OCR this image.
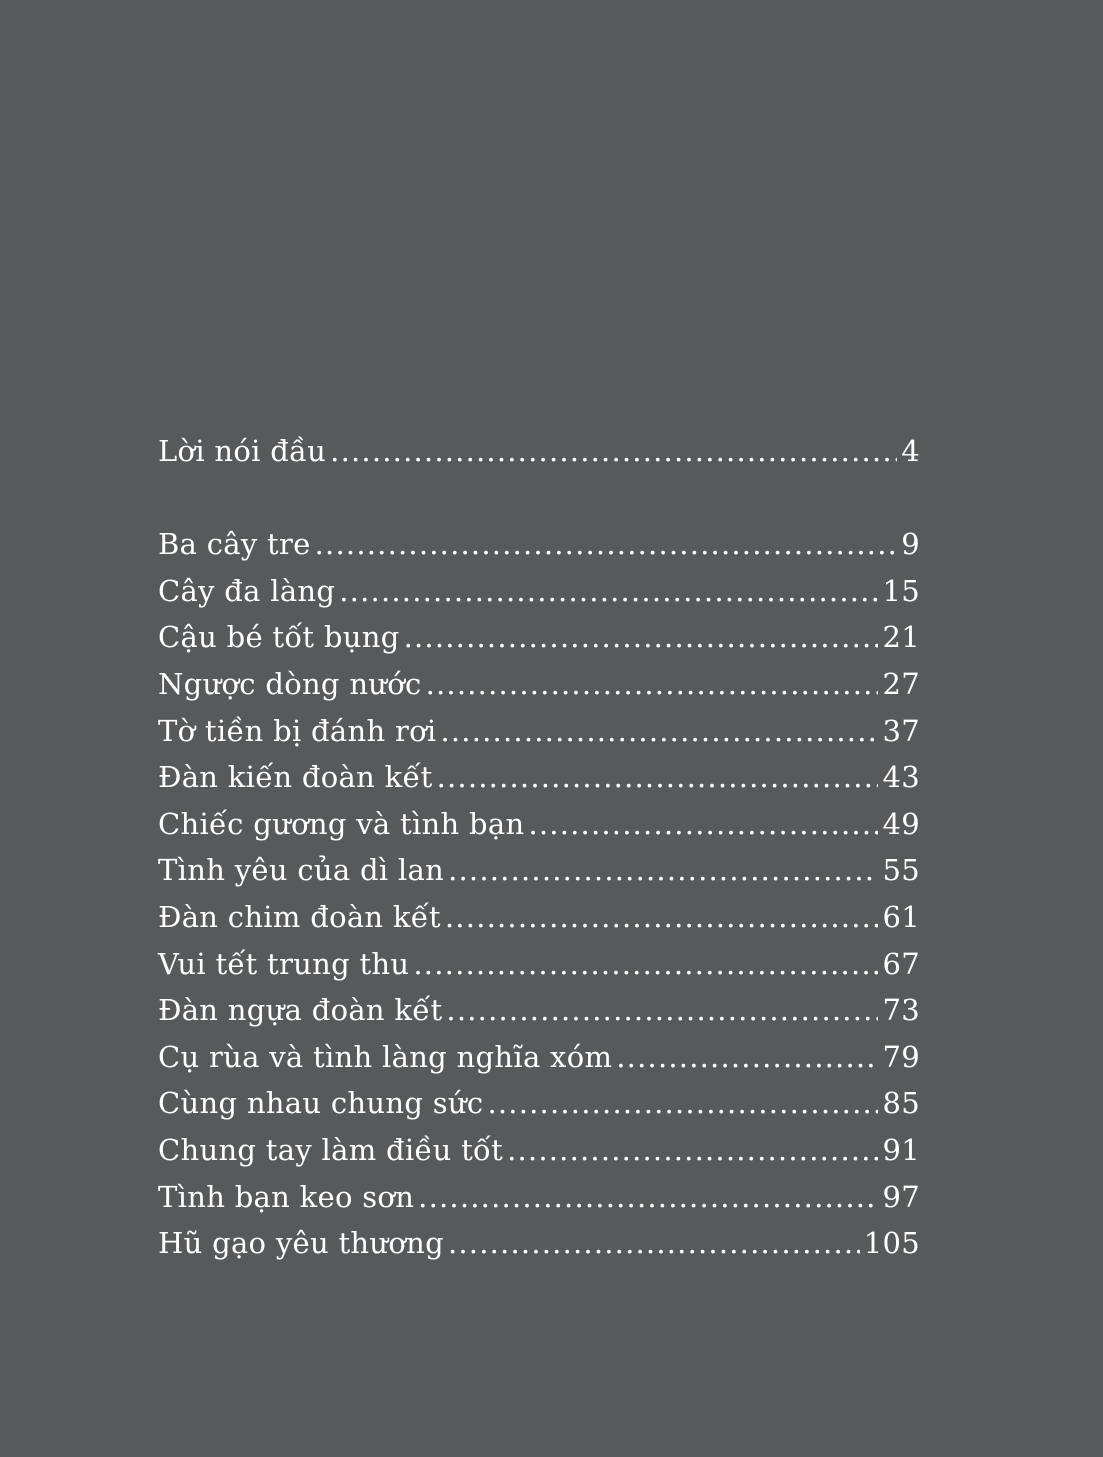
Lời nói đầu .....	4
Ba cây tre .....	9
Cây đa làng .....	15
Cậu bé tốt bụng .....	21
Ngược dòng nước .....	27
Tờ tiền bị đánh rơi .....	37
Đàn kiến đoàn kết .....	43
Chiếc gương và tình bạn .....	49
Tình yêu của dì lan .....	55
Đàn chim đoàn kết .....	61
Vui tết trung thu .....	67
Đàn ngựa đoàn kết .....	73
Cụ rùa và tình làng nghĩa xóm .....	79
Cùng nhau chung sức .....	85
Chung tay làm điều tốt .....	91
Tình bạn keo sơn .....	97
Hũ gạo yêu thương .....	105
